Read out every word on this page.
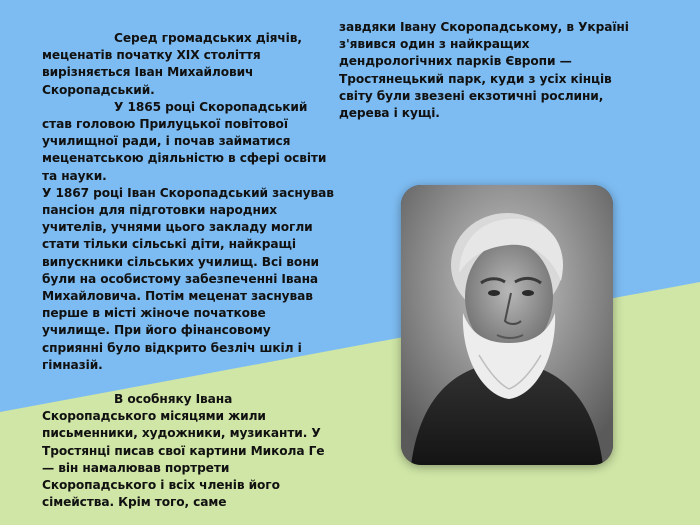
Серед громадських діячів, меценатів початку XIX століття вирізняється Іван Михайлович Скоропадський.

У 1865 році Скоропадський став головою Прилуцької повітової училищної ради, і почав займатися меценатською діяльністю в сфері освіти та науки.

У 1867 році Іван Скоропадський заснував пансіон для підготовки народних учителів, учнями цього закладу могли стати тільки сільські діти, найкращі випускники сільських училищ. Всі вони були на особистому забезпеченні Івана Михайловича. Потім меценат заснував перше в місті жіноче початкове училище. При його фінансовому сприянні було відкрито безліч шкіл і гімназій.

В особняку Івана Скоропадського місяцями жили письменники, художники, музиканти. У Тростянці писав свої картини Микола Ге — він намалював портрети Скоропадського і всіх членів його сімейства. Крім того, саме

завдяки Івану Скоропадському, в Україні з'явився один з найкращих дендрологічних парків Європи — Тростянецький парк, куди з усіх кінців світу були звезені екзотичні рослини, дерева і кущі.
